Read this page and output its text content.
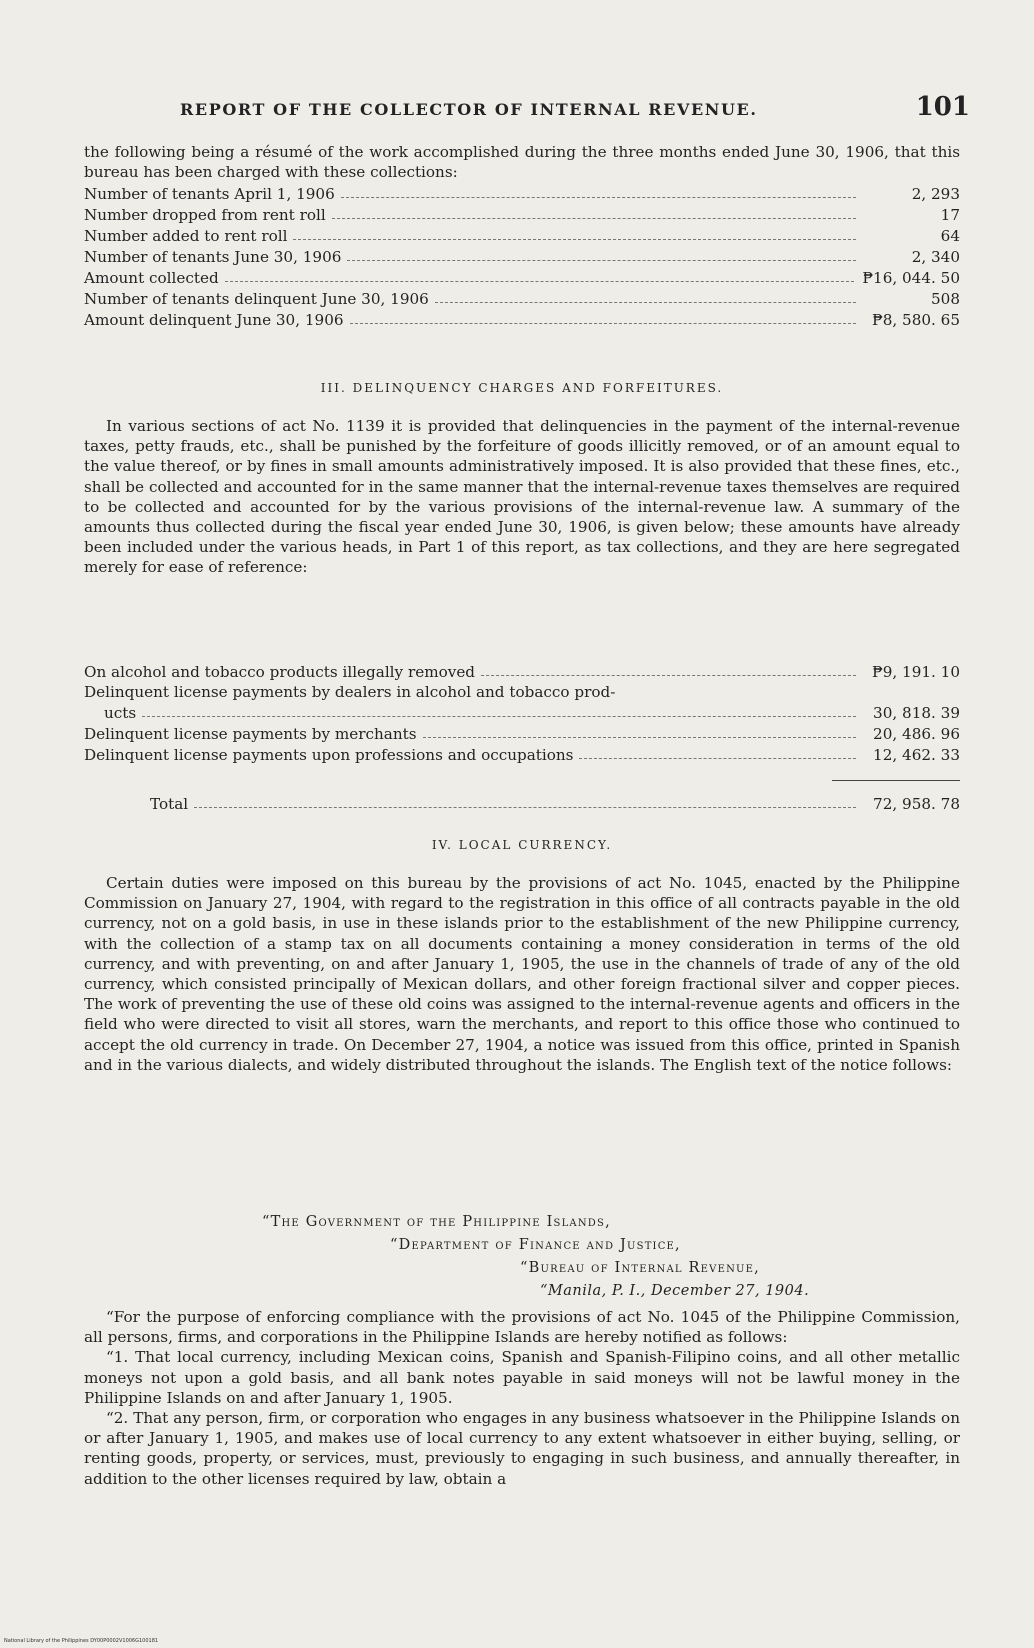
REPORT OF THE COLLECTOR OF INTERNAL REVENUE.	101

the following being a résumé of the work accomplished during the three months ended June 30, 1906, that this bureau has been charged with these collections:

Number of tenants April 1, 1906	2, 293
Number dropped from rent roll	17
Number added to rent roll	64
Number of tenants June 30, 1906	2, 340
Amount collected	₱16, 044. 50
Number of tenants delinquent June 30, 1906	508
Amount delinquent June 30, 1906	₱8, 580. 65
III. DELINQUENCY CHARGES AND FORFEITURES.

In various sections of act No. 1139 it is provided that delinquencies in the payment of the internal-revenue taxes, petty frauds, etc., shall be punished by the forfeiture of goods illicitly removed, or of an amount equal to the value thereof, or by fines in small amounts administratively imposed. It is also provided that these fines, etc., shall be collected and accounted for in the same manner that the internal-revenue taxes themselves are required to be collected and accounted for by the various provisions of the internal-revenue law. A summary of the amounts thus collected during the fiscal year ended June 30, 1906, is given below; these amounts have already been included under the various heads, in Part 1 of this report, as tax collections, and they are here segregated merely for ease of reference:

On alcohol and tobacco products illegally removed	₱9, 191. 10
Delinquent license payments by dealers in alcohol and tobacco prod-
ucts	30, 818. 39
Delinquent license payments by merchants	20, 486. 96
Delinquent license payments upon professions and occupations	12, 462. 33
Total	72, 958. 78
IV. LOCAL CURRENCY.

Certain duties were imposed on this bureau by the provisions of act No. 1045, enacted by the Philippine Commission on January 27, 1904, with regard to the registration in this office of all contracts payable in the old currency, not on a gold basis, in use in these islands prior to the establishment of the new Philippine currency, with the collection of a stamp tax on all documents containing a money consideration in terms of the old currency, and with preventing, on and after January 1, 1905, the use in the channels of trade of any of the old currency, which consisted principally of Mexican dollars, and other foreign fractional silver and copper pieces. The work of preventing the use of these old coins was assigned to the internal-revenue agents and officers in the field who were directed to visit all stores, warn the merchants, and report to this office those who continued to accept the old currency in trade. On December 27, 1904, a notice was issued from this office, printed in Spanish and in the various dialects, and widely distributed throughout the islands. The English text of the notice follows:

“The Government of the Philippine Islands,
“Department of Finance and Justice,
“Bureau of Internal Revenue,
“Manila, P. I., December 27, 1904.

“For the purpose of enforcing compliance with the provisions of act No. 1045 of the Philippine Commission, all persons, firms, and corporations in the Philippine Islands are hereby notified as follows:

“1. That local currency, including Mexican coins, Spanish and Spanish-Filipino coins, and all other metallic moneys not upon a gold basis, and all bank notes payable in said moneys will not be lawful money in the Philippine Islands on and after January 1, 1905.

“2. That any person, firm, or corporation who engages in any business whatsoever in the Philippine Islands on or after January 1, 1905, and makes use of local currency to any extent whatsoever in either buying, selling, or renting goods, property, or services, must, previously to engaging in such business, and annually thereafter, in addition to the other licenses required by law, obtain a

National Library of the Philippines DY00P0002V1006G100181
